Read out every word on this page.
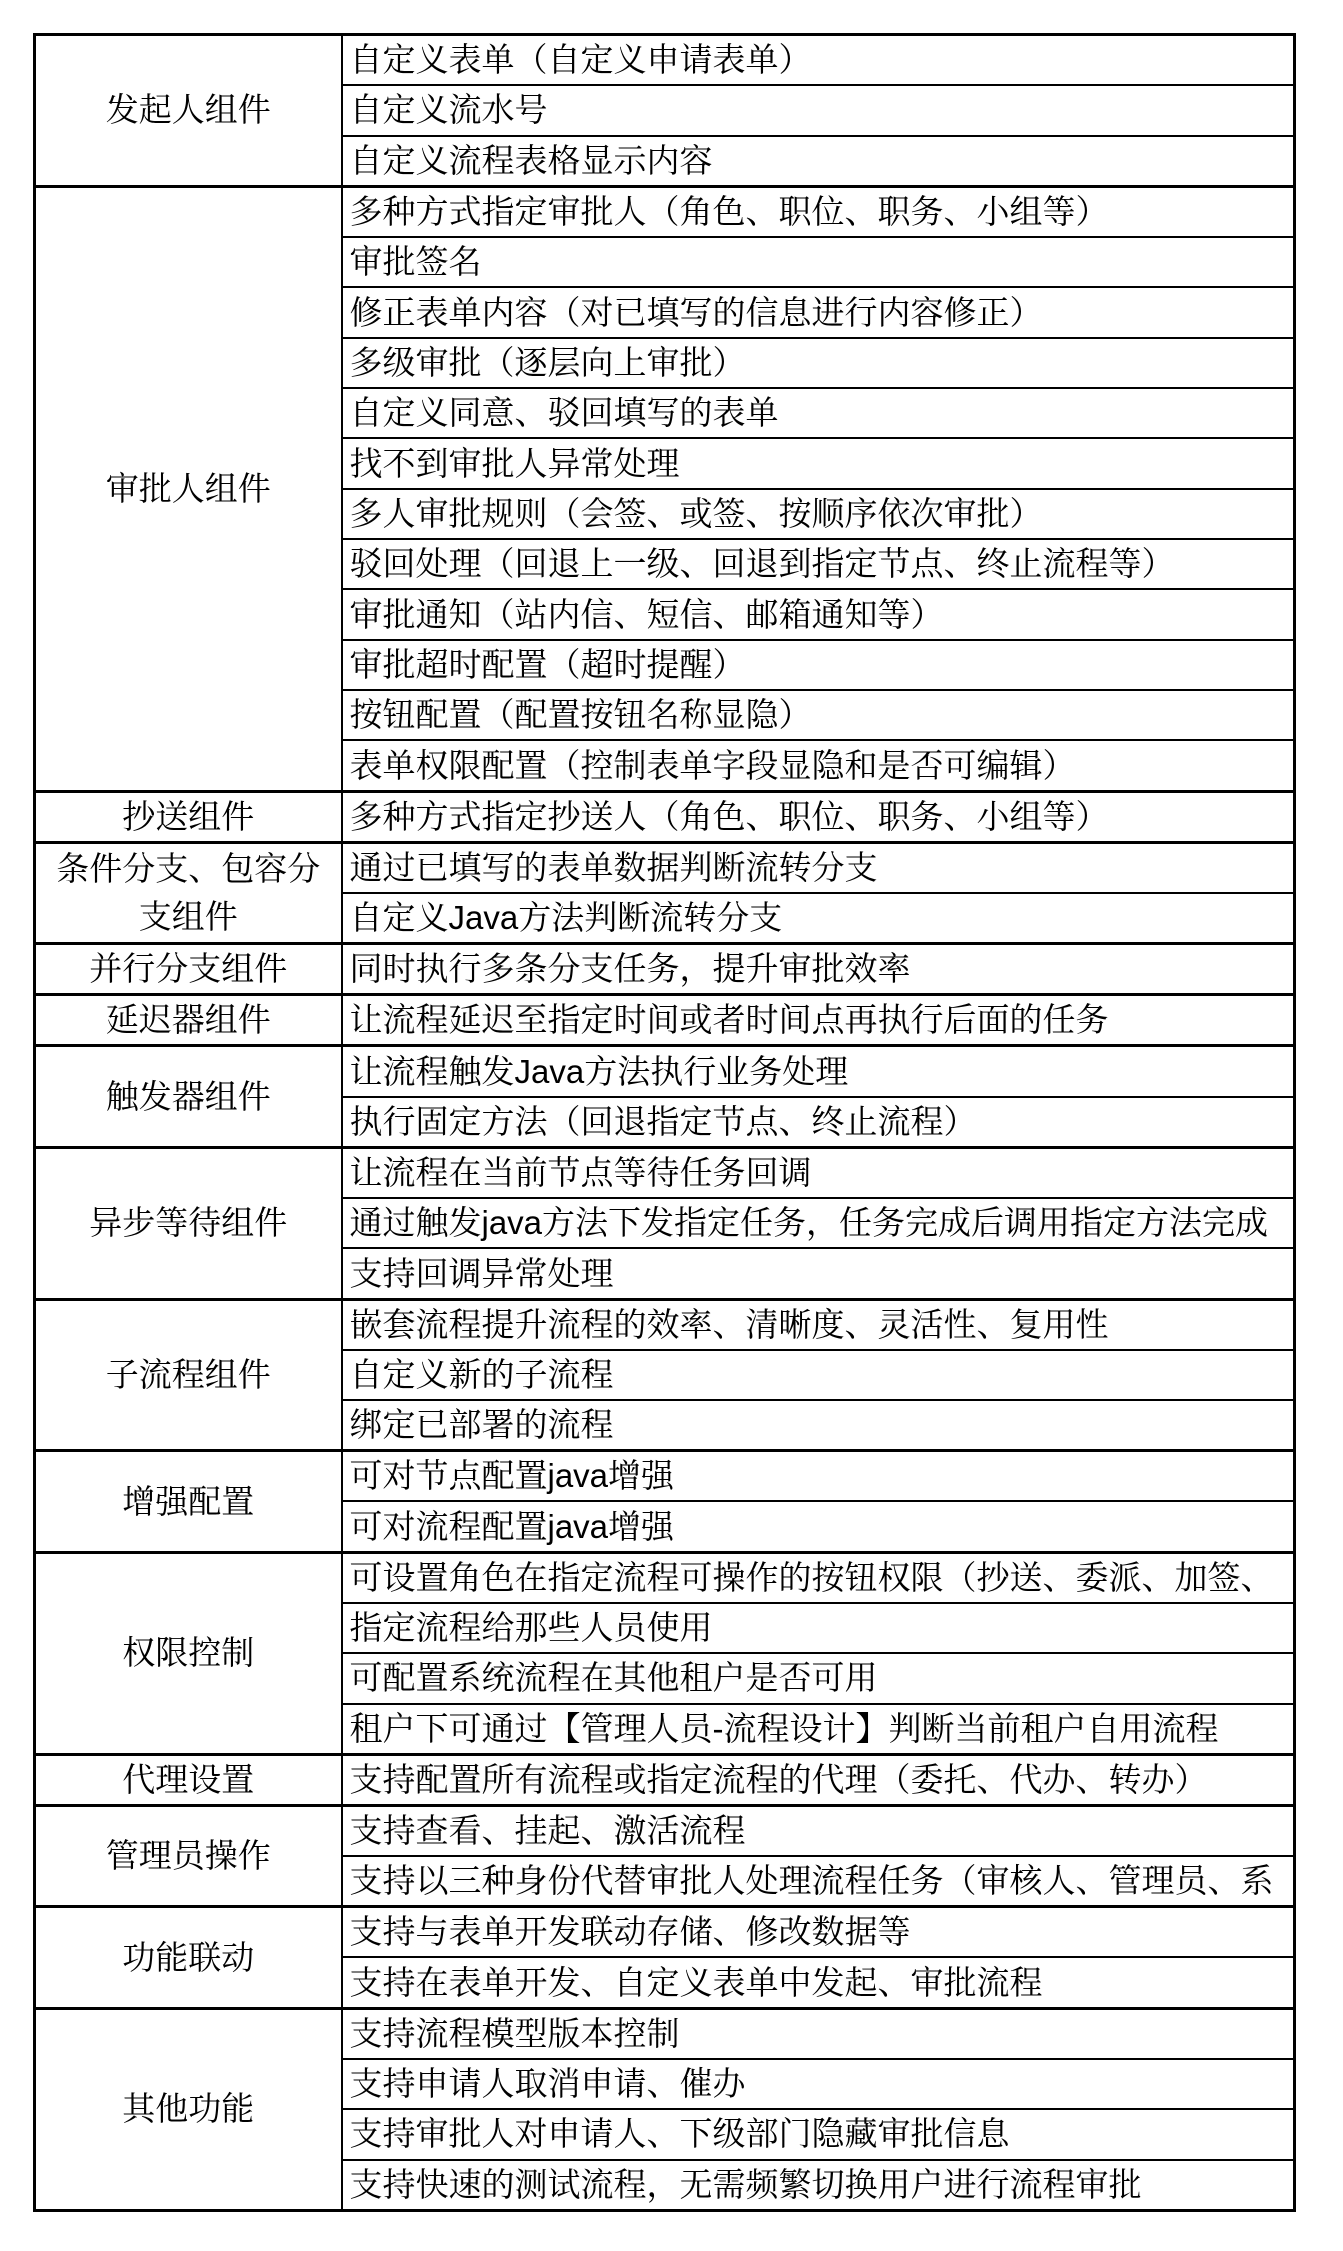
发起人组件	自定义表单（自定义申请表单）
	自定义流水号
	自定义流程表格显示内容
审批人组件	多种方式指定审批人（角色、职位、职务、小组等）
	审批签名
	修正表单内容（对已填写的信息进行内容修正）
	多级审批（逐层向上审批）
	自定义同意、驳回填写的表单
	找不到审批人异常处理
	多人审批规则（会签、或签、按顺序依次审批）
	驳回处理（回退上一级、回退到指定节点、终止流程等）
	审批通知（站内信、短信、邮箱通知等）
	审批超时配置（超时提醒）
	按钮配置（配置按钮名称显隐）
	表单权限配置（控制表单字段显隐和是否可编辑）
抄送组件	多种方式指定抄送人（角色、职位、职务、小组等）
条件分支、包容分支组件	通过已填写的表单数据判断流转分支
	自定义Java方法判断流转分支
并行分支组件	同时执行多条分支任务，提升审批效率
延迟器组件	让流程延迟至指定时间或者时间点再执行后面的任务
触发器组件	让流程触发Java方法执行业务处理
	执行固定方法（回退指定节点、终止流程）
异步等待组件	让流程在当前节点等待任务回调
	通过触发java方法下发指定任务，任务完成后调用指定方法完成
	支持回调异常处理
子流程组件	嵌套流程提升流程的效率、清晰度、灵活性、复用性
	自定义新的子流程
	绑定已部署的流程
增强配置	可对节点配置java增强
	可对流程配置java增强
权限控制	可设置角色在指定流程可操作的按钮权限（抄送、委派、加签、
	指定流程给那些人员使用
	可配置系统流程在其他租户是否可用
	租户下可通过【管理人员-流程设计】判断当前租户自用流程
代理设置	支持配置所有流程或指定流程的代理（委托、代办、转办）
管理员操作	支持查看、挂起、激活流程
	支持以三种身份代替审批人处理流程任务（审核人、管理员、系
功能联动	支持与表单开发联动存储、修改数据等
	支持在表单开发、自定义表单中发起、审批流程
其他功能	支持流程模型版本控制
	支持申请人取消申请、催办
	支持审批人对申请人、下级部门隐藏审批信息
	支持快速的测试流程，无需频繁切换用户进行流程审批
